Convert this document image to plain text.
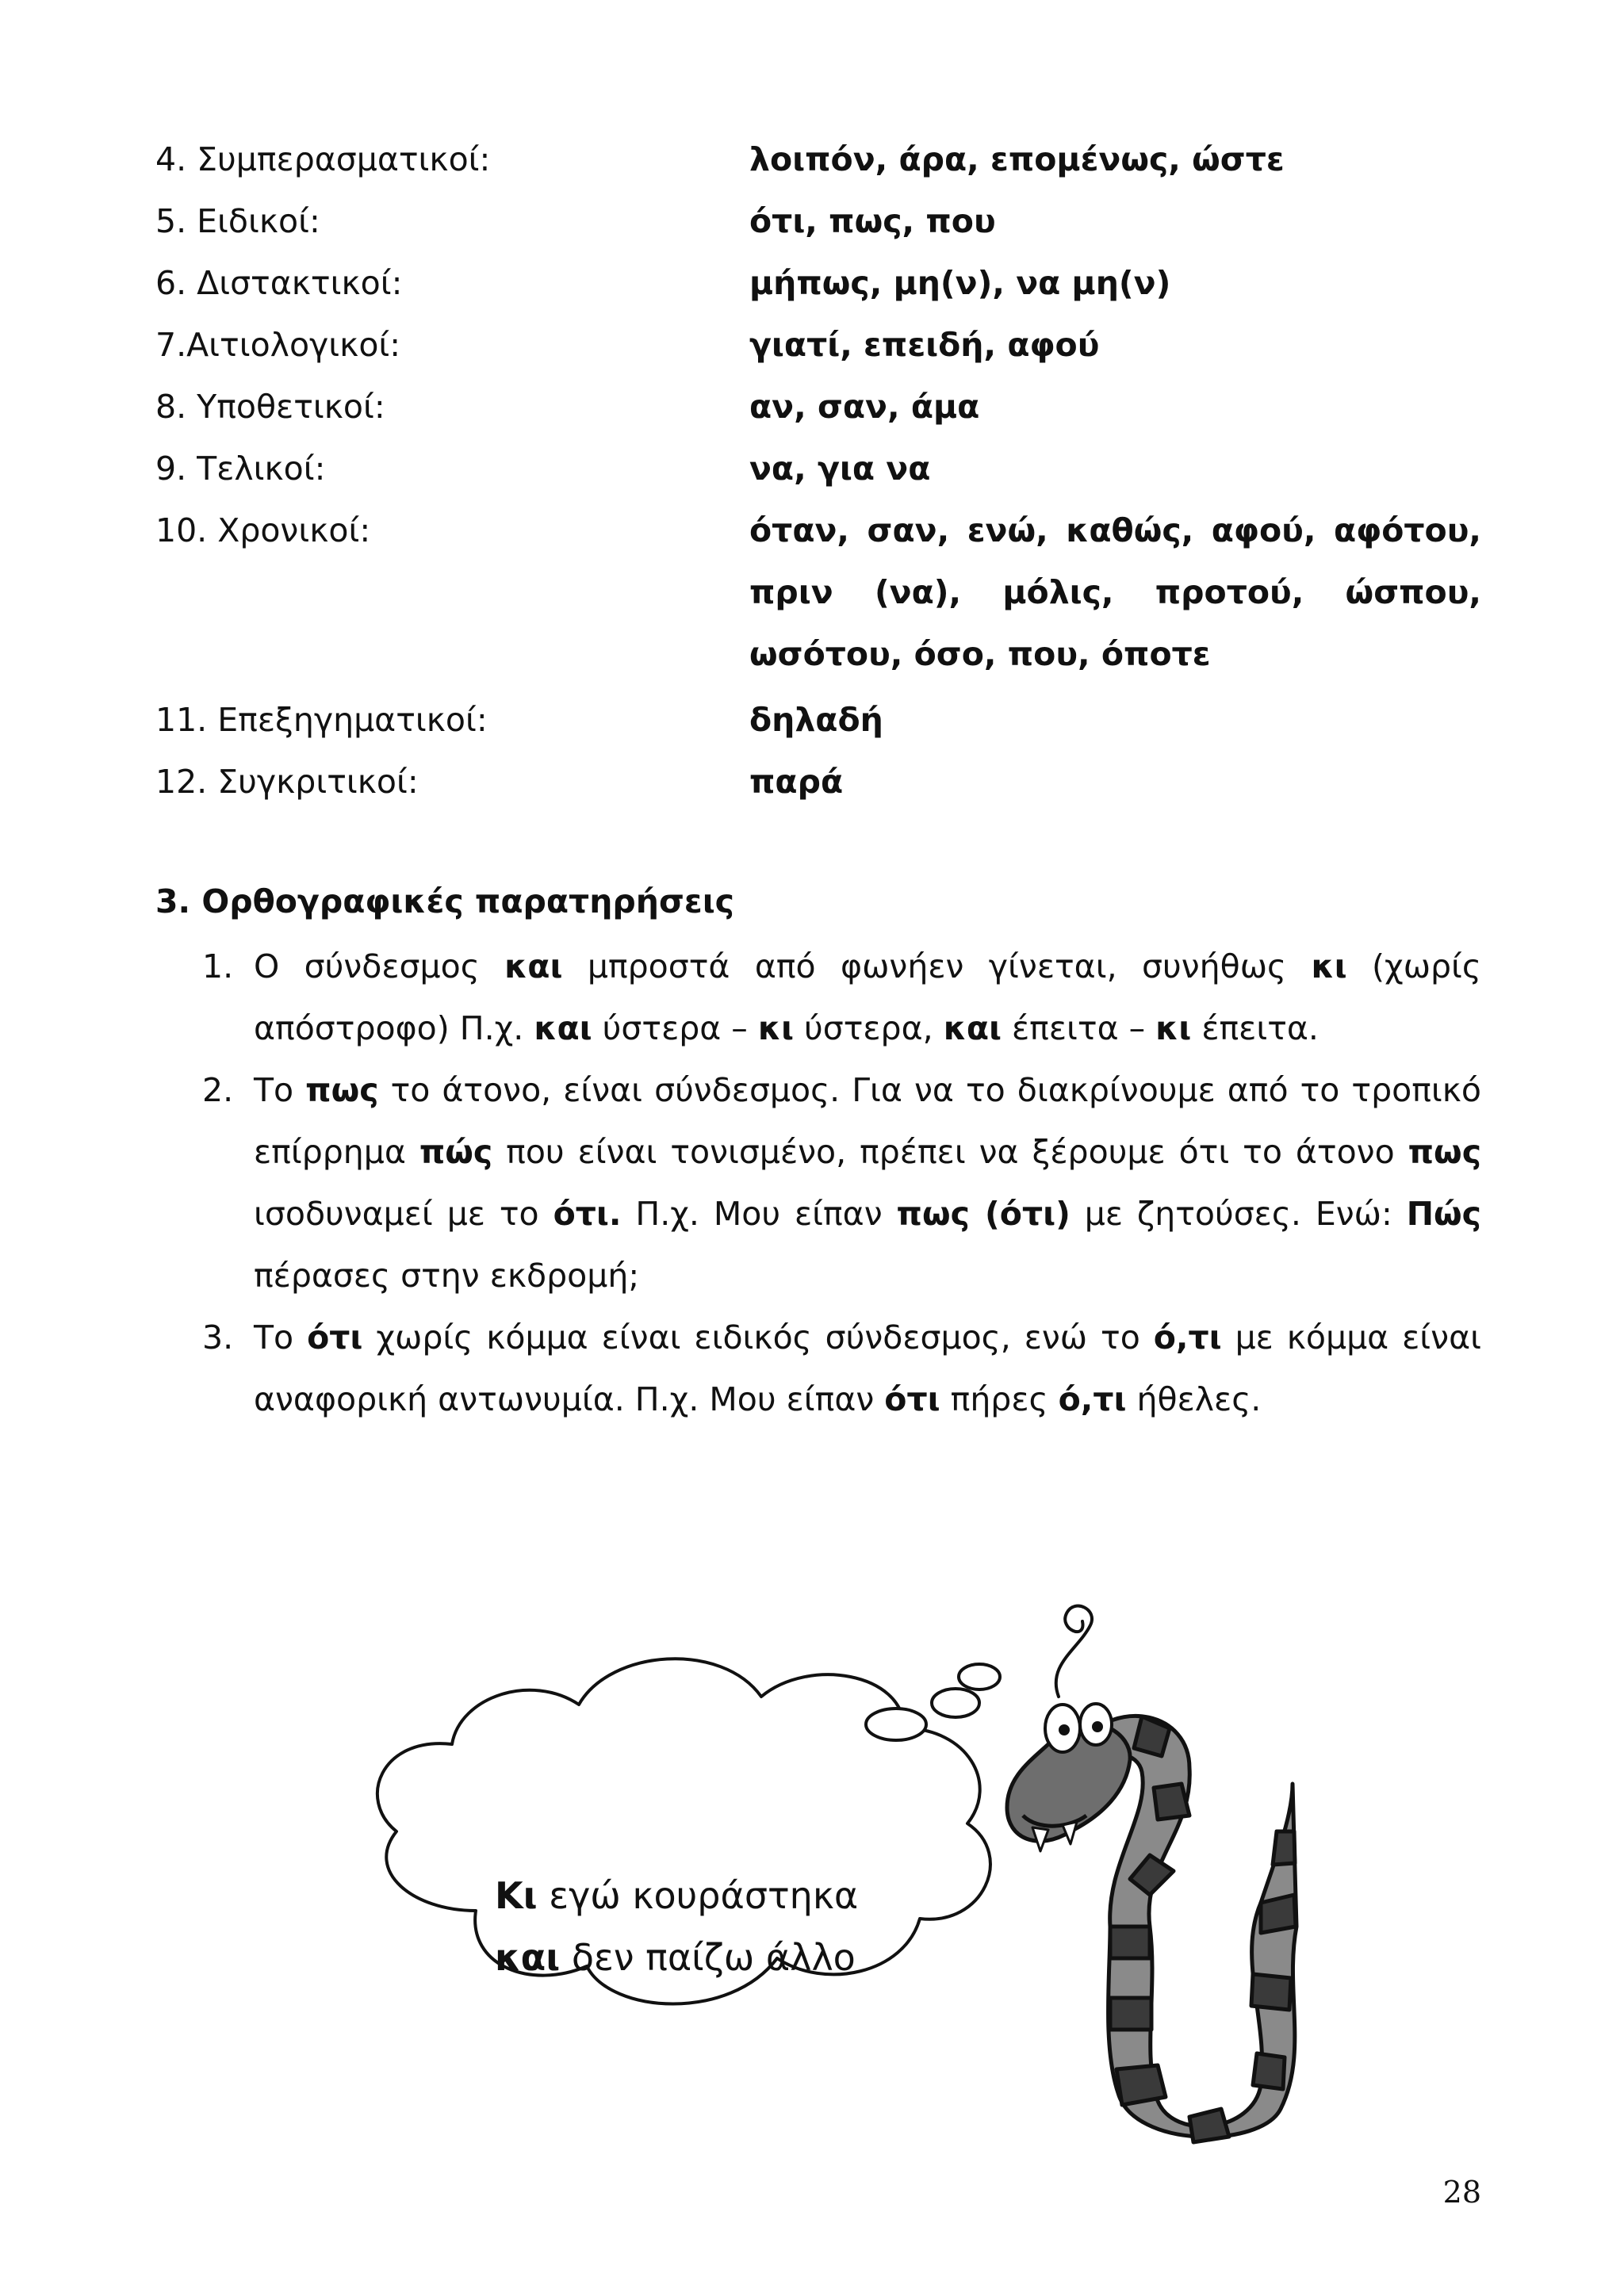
4. Συμπερασματικοί:	λοιπόν, άρα, επομένως, ώστε
5. Ειδικοί:	ότι, πως, που
6. Διστακτικοί:	μήπως, μη(ν), να μη(ν)
7.Αιτιολογικοί:	γιατί, επειδή, αφού
8. Υποθετικοί:	αν, σαν, άμα
9. Τελικοί:	να, για να
10. Χρονικοί:	όταν, σαν, ενώ, καθώς, αφού, αφότου, πριν (να), μόλις, προτού, ώσπου, ωσότου, όσο, που, όποτε
11. Επεξηγηματικοί:	δηλαδή
12. Συγκριτικοί:	παρά
3. Ορθογραφικές παρατηρήσεις
1. Ο σύνδεσμος και μπροστά από φωνήεν γίνεται, συνήθως κι (χωρίς απόστροφο) Π.χ. και ύστερα – κι ύστερα, και έπειτα – κι έπειτα.
2. Το πως το άτονο, είναι σύνδεσμος. Για να το διακρίνουμε από το τροπικό επίρρημα πώς που είναι τονισμένο, πρέπει να ξέρουμε ότι το άτονο πως ισοδυναμεί με το ότι. Π.χ. Μου είπαν πως (ότι) με ζητούσες. Ενώ: Πώς πέρασες στην εκδρομή;
3. Το ότι χωρίς κόμμα είναι ειδικός σύνδεσμος, ενώ το ό,τι με κόμμα είναι αναφορική αντωνυμία. Π.χ. Μου είπαν ότι πήρες ό,τι ήθελες.
Κι εγώ κουράστηκα
και δεν παίζω άλλο
28
